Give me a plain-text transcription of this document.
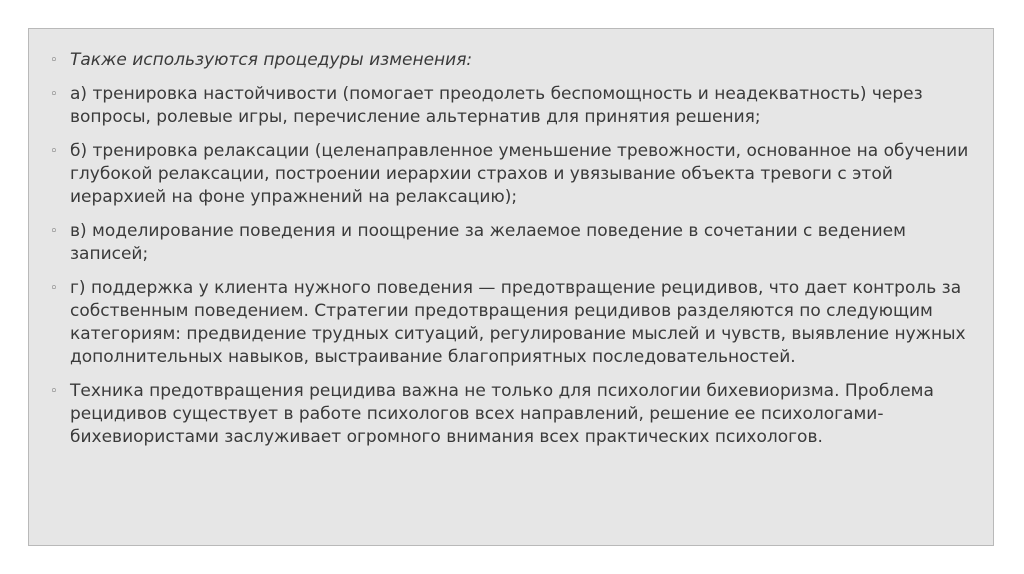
◦ Также используются процедуры изменения:
◦ а) тренировка настойчивости (помогает преодолеть беспомощность и неадекватность) через вопросы, ролевые игры, перечисление альтернатив для принятия решения;
◦ б) тренировка релаксации (целенаправленное уменьшение тревожности, основанное на обучении глубокой релаксации, построении иерархии страхов и увязывание объекта тревоги с этой иерархией на фоне упражнений на релаксацию);
◦ в) моделирование поведения и поощрение за желаемое поведение в сочетании с ведением записей;
◦ г) поддержка у клиента нужного поведения — предотвращение рецидивов, что дает контроль за собственным поведением. Стратегии предотвращения рецидивов разделяются по следующим категориям: предвидение трудных ситуаций, регулирование мыслей и чувств, выявление нужных дополнительных навыков, выстраивание благоприятных последовательностей.
◦ Техника предотвращения рецидива важна не только для психологии бихевиоризма. Проблема рецидивов существует в работе психологов всех направлений, решение ее психологами-бихевиористами заслуживает огромного внимания всех практических психологов.
